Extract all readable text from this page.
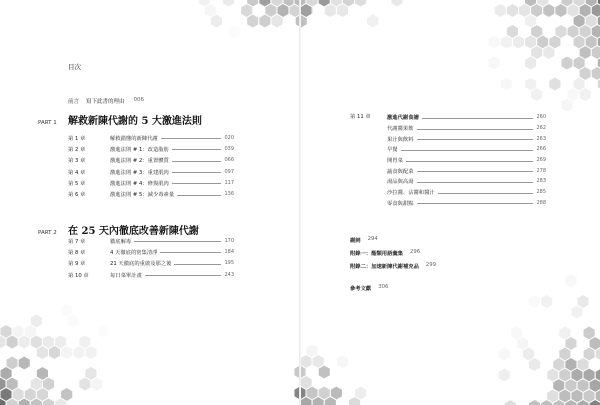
目次
前言 寫下此書的理由 006
PART 1	解救新陳代謝的 5 大激進法則
第 1 章	解救錯懂的新陳代謝	020
第 2 章	激進法則 # 1：改造脂肪	039
第 3 章	激進法則 # 2：重置體質	066
第 4 章	激進法則 # 3：重建肌肉	097
第 5 章	激進法則 # 4：修復肌肉	117
第 6 章	激進法則 # 5：減少毒素量	136
PART 2	在 25 天內徹底改善新陳代謝
第 7 章	徹底解毒	170
第 8 章	4 天徹底的密集清淨	184
第 9 章	21 天徹底的重啟及那之後	195
第 10 章	每日菜單計畫	243
第 11 章	激進代謝食譜	260
代謝醬果飲	262
果汁與飲料	263
早餐	266
開胃菜	269
蔬食與配菜	278
湯品與高湯	283
沙拉醬、沾醬和醬汁	285
零食與甜點	288
謝詞 294
附錄一：酯類用語彙集 296
附錄二：加速新陳代謝補充品 299
參考文獻 306
